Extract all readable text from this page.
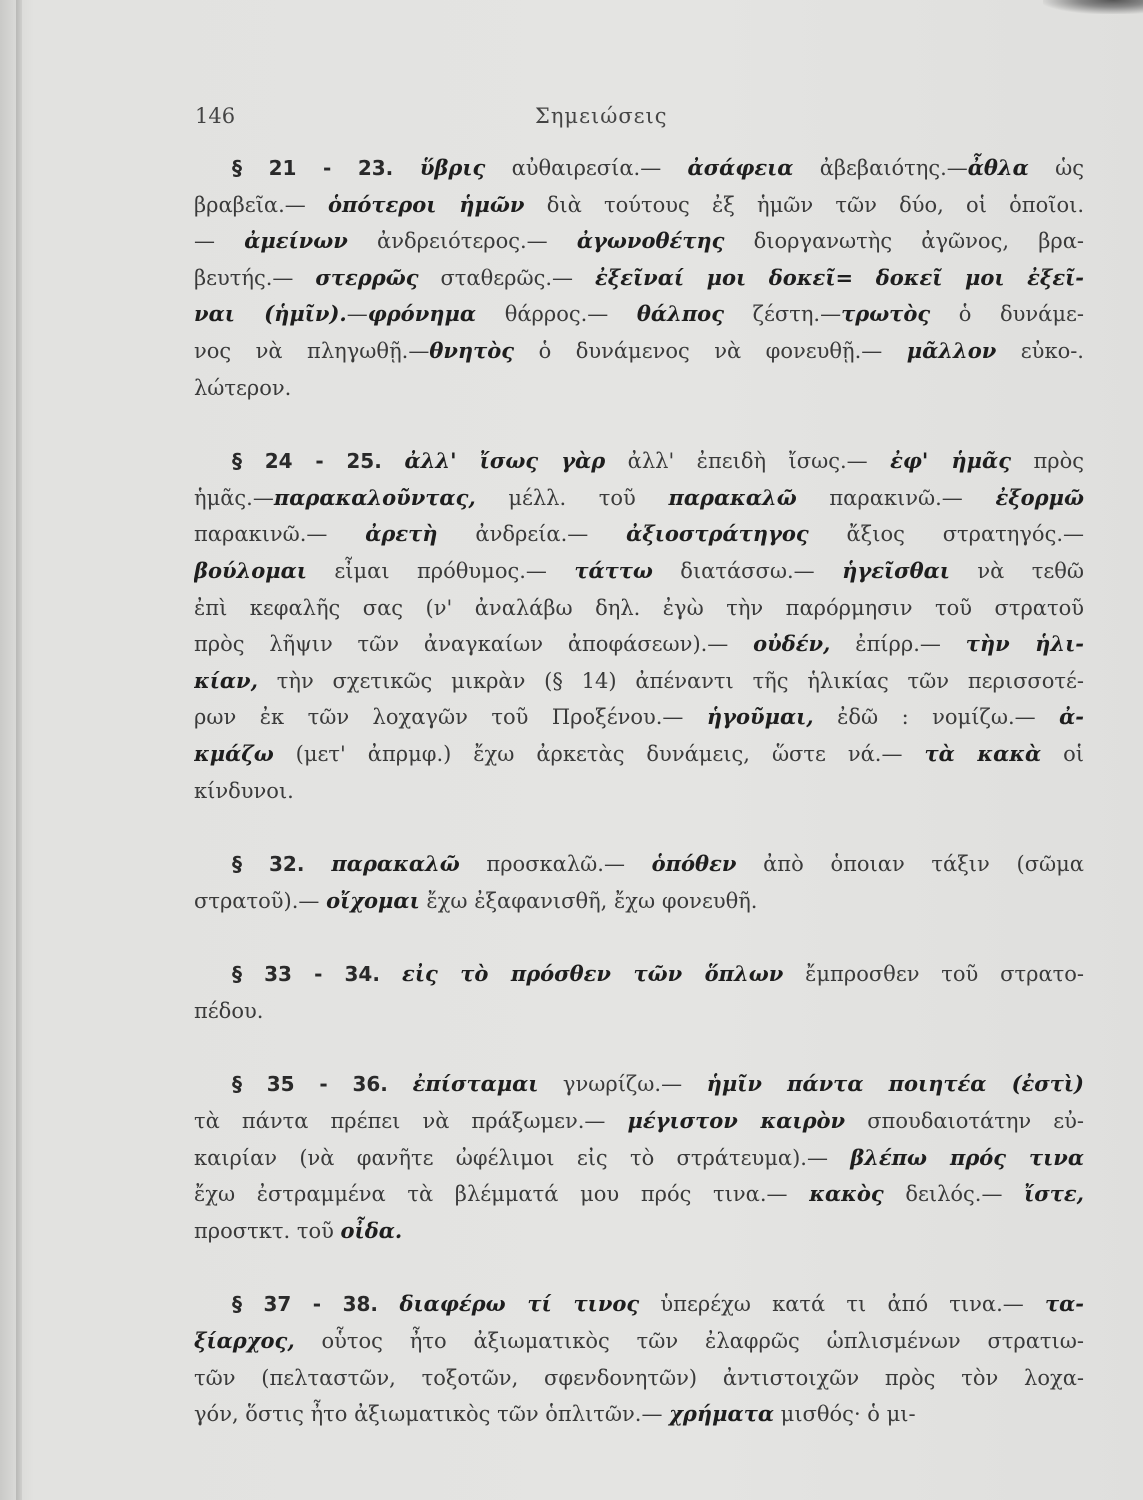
146	Σημειώσεις
§ 21 - 23. ὕβρις αὐθαιρεσία.— ἀσάφεια ἀβεβαιότης.—ἆθλα ὡς
βραβεῖα.— ὁπότεροι ἡμῶν διὰ τούτους ἐξ ἡμῶν τῶν δύο, οἱ ὁποῖοι.
— ἀμείνων ἀνδρειότερος.— ἀγωνοθέτης διοργανωτὴς ἀγῶνος, βρα-
βευτής.— στερρῶς σταθερῶς.— ἐξεῖναί μοι δοκεῖ= δοκεῖ μοι ἐξεῖ-
ναι (ἡμῖν).—φρόνημα θάρρος.— θάλπος ζέστη.—τρωτὸς ὁ δυνάμε-
νος νὰ πληγωθῇ.—θνητὸς ὁ δυνάμενος νὰ φονευθῇ.— μᾶλλον εὐκο-.
λώτερον.
§ 24 - 25. ἀλλ' ἴσως γὰρ ἀλλ' ἐπειδὴ ἴσως.— ἐφ' ἡμᾶς πρὸς
ἡμᾶς.—παρακαλοῦντας, μέλλ. τοῦ παρακαλῶ παρακινῶ.— ἐξορμῶ
παρακινῶ.— ἀρετὴ ἀνδρεία.— ἀξιοστράτηγος ἄξιος στρατηγός.—
βούλομαι εἶμαι πρόθυμος.— τάττω διατάσσω.— ἡγεῖσθαι νὰ τεθῶ
ἐπὶ κεφαλῆς σας (ν' ἀναλάβω δηλ. ἐγὼ τὴν παρόρμησιν τοῦ στρατοῦ
πρὸς λῆψιν τῶν ἀναγκαίων ἀποφάσεων).— οὐδέν, ἐπίρρ.— τὴν ἡλι-
κίαν, τὴν σχετικῶς μικρὰν (§ 14) ἀπέναντι τῆς ἡλικίας τῶν περισσοτέ-
ρων ἐκ τῶν λοχαγῶν τοῦ Προξένου.— ἡγοῦμαι, ἐδῶ : νομίζω.— ἀ-
κμάζω (μετ' ἀπρμφ.) ἔχω ἀρκετὰς δυνάμεις, ὥστε νά.— τὰ κακὰ οἱ
κίνδυνοι.
§ 32. παρακαλῶ προσκαλῶ.— ὁπόθεν ἀπὸ ὁποιαν τάξιν (σῶμα
στρατοῦ).— οἴχομαι ἔχω ἐξαφανισθῆ, ἔχω φονευθῆ.
§ 33 - 34. εἰς τὸ πρόσθεν τῶν ὅπλων ἔμπροσθεν τοῦ στρατο-
πέδου.
§ 35 - 36. ἐπίσταμαι γνωρίζω.— ἡμῖν πάντα ποιητέα (ἐστὶ)
τὰ πάντα πρέπει νὰ πράξωμεν.— μέγιστον καιρὸν σπουδαιοτάτην εὐ-
καιρίαν (νὰ φανῆτε ὠφέλιμοι εἰς τὸ στράτευμα).— βλέπω πρός τινα
ἔχω ἐστραμμένα τὰ βλέμματά μου πρός τινα.— κακὸς δειλός.— ἴστε,
προστκτ. τοῦ οἶδα.
§ 37 - 38. διαφέρω τί τινος ὑπερέχω κατά τι ἀπό τινα.— τα-
ξίαρχος, οὗτος ἦτο ἀξιωματικὸς τῶν ἐλαφρῶς ὡπλισμένων στρατιω-
τῶν (πελταστῶν, τοξοτῶν, σφενδονητῶν) ἀντιστοιχῶν πρὸς τὸν λοχα-
γόν, ὅστις ἦτο ἀξιωματικὸς τῶν ὁπλιτῶν.— χρήματα μισθός· ὁ μι-
